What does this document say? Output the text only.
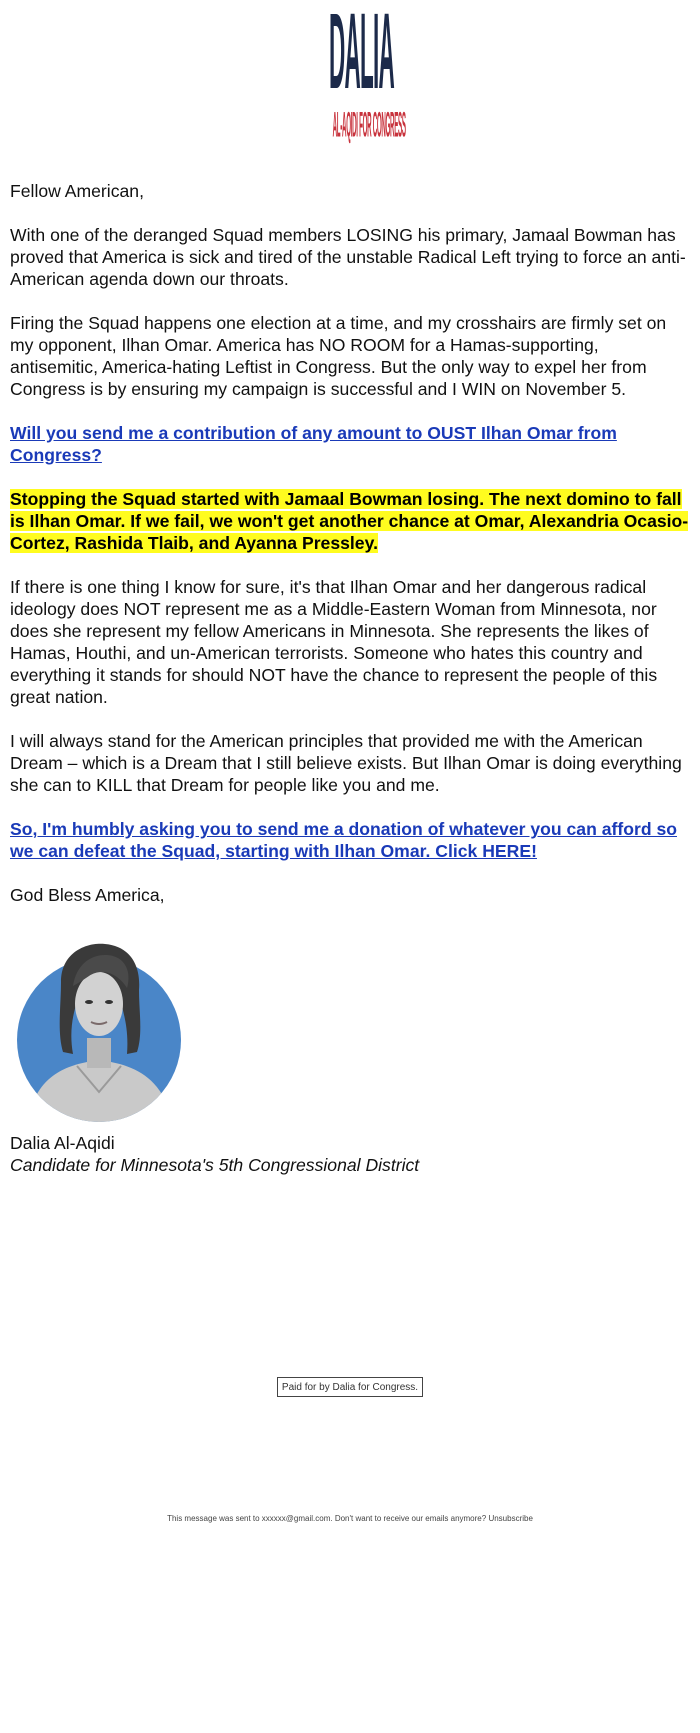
DALIA
AL-AQIDI FOR CONGRESS

Fellow American,

With one of the deranged Squad members LOSING his primary, Jamaal Bowman has proved that America is sick and tired of the unstable Radical Left trying to force an anti-American agenda down our throats.

Firing the Squad happens one election at a time, and my crosshairs are firmly set on my opponent, Ilhan Omar. America has NO ROOM for a Hamas-supporting, antisemitic, America-hating Leftist in Congress. But the only way to expel her from Congress is by ensuring my campaign is successful and I WIN on November 5.

Will you send me a contribution of any amount to OUST Ilhan Omar from Congress?

Stopping the Squad started with Jamaal Bowman losing. The next domino to fall is Ilhan Omar. If we fail, we won't get another chance at Omar, Alexandria Ocasio-Cortez, Rashida Tlaib, and Ayanna Pressley.

If there is one thing I know for sure, it's that Ilhan Omar and her dangerous radical ideology does NOT represent me as a Middle-Eastern Woman from Minnesota, nor does she represent my fellow Americans in Minnesota. She represents the likes of Hamas, Houthi, and un-American terrorists. Someone who hates this country and everything it stands for should NOT have the chance to represent the people of this great nation.

I will always stand for the American principles that provided me with the American Dream – which is a Dream that I still believe exists. But Ilhan Omar is doing everything she can to KILL that Dream for people like you and me.

So, I'm humbly asking you to send me a donation of whatever you can afford so we can defeat the Squad, starting with Ilhan Omar. Click HERE!

God Bless America,

Dalia Al-Aqidi

Candidate for Minnesota's 5th Congressional District

Paid for by Dalia for Congress.
This message was sent to xxxxxx@gmail.com. Don't want to receive our emails anymore? Unsubscribe
